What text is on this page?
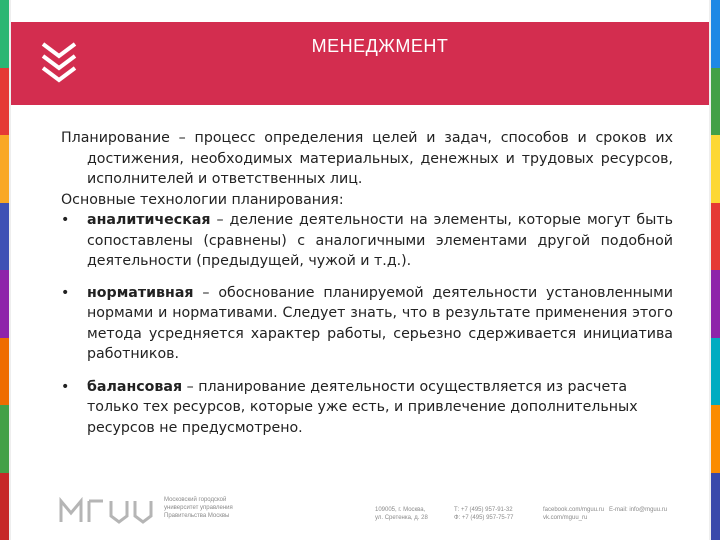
МЕНЕДЖМЕНТ

Планирование – процесс определения целей и задач, способов и сроков их достижения, необходимых материальных, денежных и трудовых ресурсов, исполнителей и ответственных лиц.

Основные технологии планирования:

• аналитическая – деление деятельности на элементы, которые могут быть сопоставлены (сравнены) с аналогичными элементами другой подобной деятельности (предыдущей, чужой и т.д.).

• нормативная – обоснование планируемой деятельности установленными нормами и нормативами. Следует знать, что в результате применения этого метода усредняется характер работы, серьезно сдерживается инициатива работников.

• балансовая – планирование деятельности осуществляется из расчета только тех ресурсов, которые уже есть, и привлечение дополнительных ресурсов не предусмотрено.

Московский городской
университет управления
Правительства Москвы
109005, г. Москва,
ул. Сретенка, д. 28
Т: +7 (495) 957-91-32
Ф: +7 (495) 957-75-77
facebook.com/mguu.ru
vk.com/mguu_ru
E-mail: info@mguu.ru
